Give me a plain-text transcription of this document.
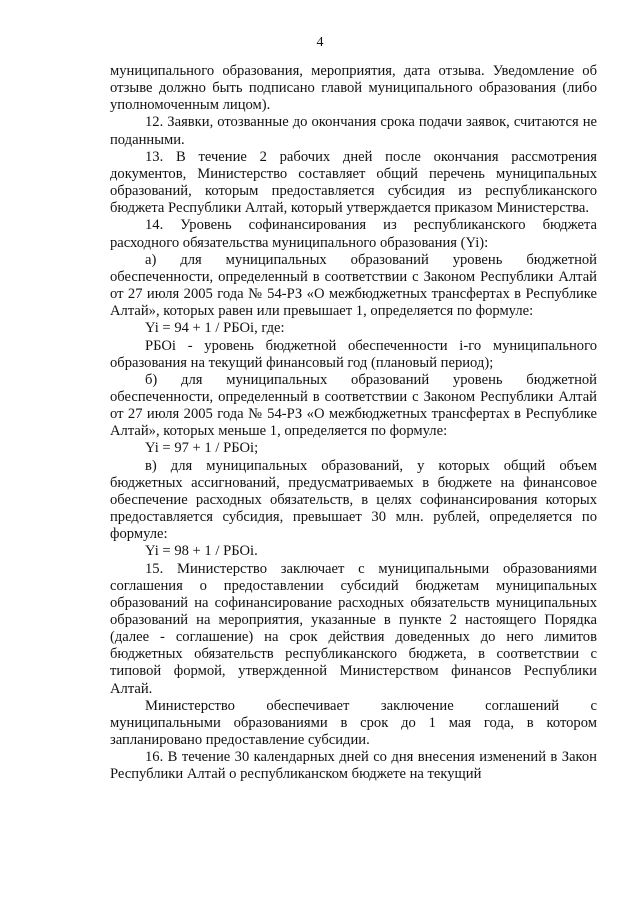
4

муниципального образования, мероприятия, дата отзыва. Уведомление об отзыве должно быть подписано главой муниципального образования (либо уполномоченным лицом).

12. Заявки, отозванные до окончания срока подачи заявок, считаются не поданными.

13. В течение 2 рабочих дней после окончания рассмотрения документов, Министерство составляет общий перечень муниципальных образований, которым предоставляется субсидия из республиканского бюджета Республики Алтай, который утверждается приказом Министерства.

14. Уровень софинансирования из республиканского бюджета расходного обязательства муниципального образования (Yi):

а) для муниципальных образований уровень бюджетной обеспеченности, определенный в соответствии с Законом Республики Алтай от 27 июля 2005 года № 54-РЗ «О межбюджетных трансфертах в Республике Алтай», которых равен или превышает 1, определяется по формуле:

Yi = 94 + 1 / РБОi, где:

РБОi - уровень бюджетной обеспеченности i-го муниципального образования на текущий финансовый год (плановый период);

б) для муниципальных образований уровень бюджетной обеспеченности, определенный в соответствии с Законом Республики Алтай от 27 июля 2005 года № 54-РЗ «О межбюджетных трансфертах в Республике Алтай», которых меньше 1, определяется по формуле:

Yi = 97 + 1 / РБОi;

в) для муниципальных образований, у которых общий объем бюджетных ассигнований, предусматриваемых в бюджете на финансовое обеспечение расходных обязательств, в целях софинансирования которых предоставляется субсидия, превышает 30 млн. рублей, определяется по формуле:

Yi = 98 + 1 / РБОi.

15. Министерство заключает с муниципальными образованиями соглашения о предоставлении субсидий бюджетам муниципальных образований на софинансирование расходных обязательств муниципальных образований на мероприятия, указанные в пункте 2 настоящего Порядка (далее - соглашение) на срок действия доведенных до него лимитов бюджетных обязательств республиканского бюджета, в соответствии с типовой формой, утвержденной Министерством финансов Республики Алтай.

Министерство обеспечивает заключение соглашений с муниципальными образованиями в срок до 1 мая года, в котором запланировано предоставление субсидии.

16. В течение 30 календарных дней со дня внесения изменений в Закон Республики Алтай о республиканском бюджете на текущий
